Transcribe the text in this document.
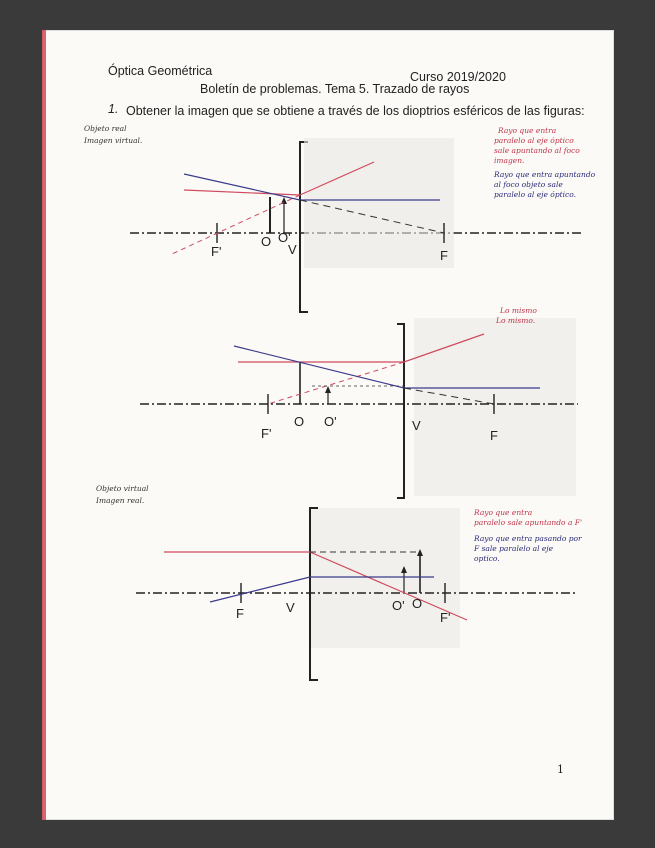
Óptica Geométrica	Curso 2019/2020
Boletín de problemas. Tema 5. Trazado de rayos
1. Obtener la imagen que se obtiene a través de los dioptrios esféricos de las figuras:
F'
O O'
V	F
Objeto real
Imagen virtual.
Rayo que entra
paralelo al eje óptico
sale apuntando al foco
imagen.
Rayo que entra apuntando
al foco objeto sale
paralelo al eje óptico.
Lo mismo
Lo mismo.
F'
O O'	V
F
Objeto virtual
Imagen real.
Rayo que entra
paralelo sale apuntando a F'
Rayo que entra pasando por
F sale paralelo al eje
optico.
F	V	O' O
F'
1
